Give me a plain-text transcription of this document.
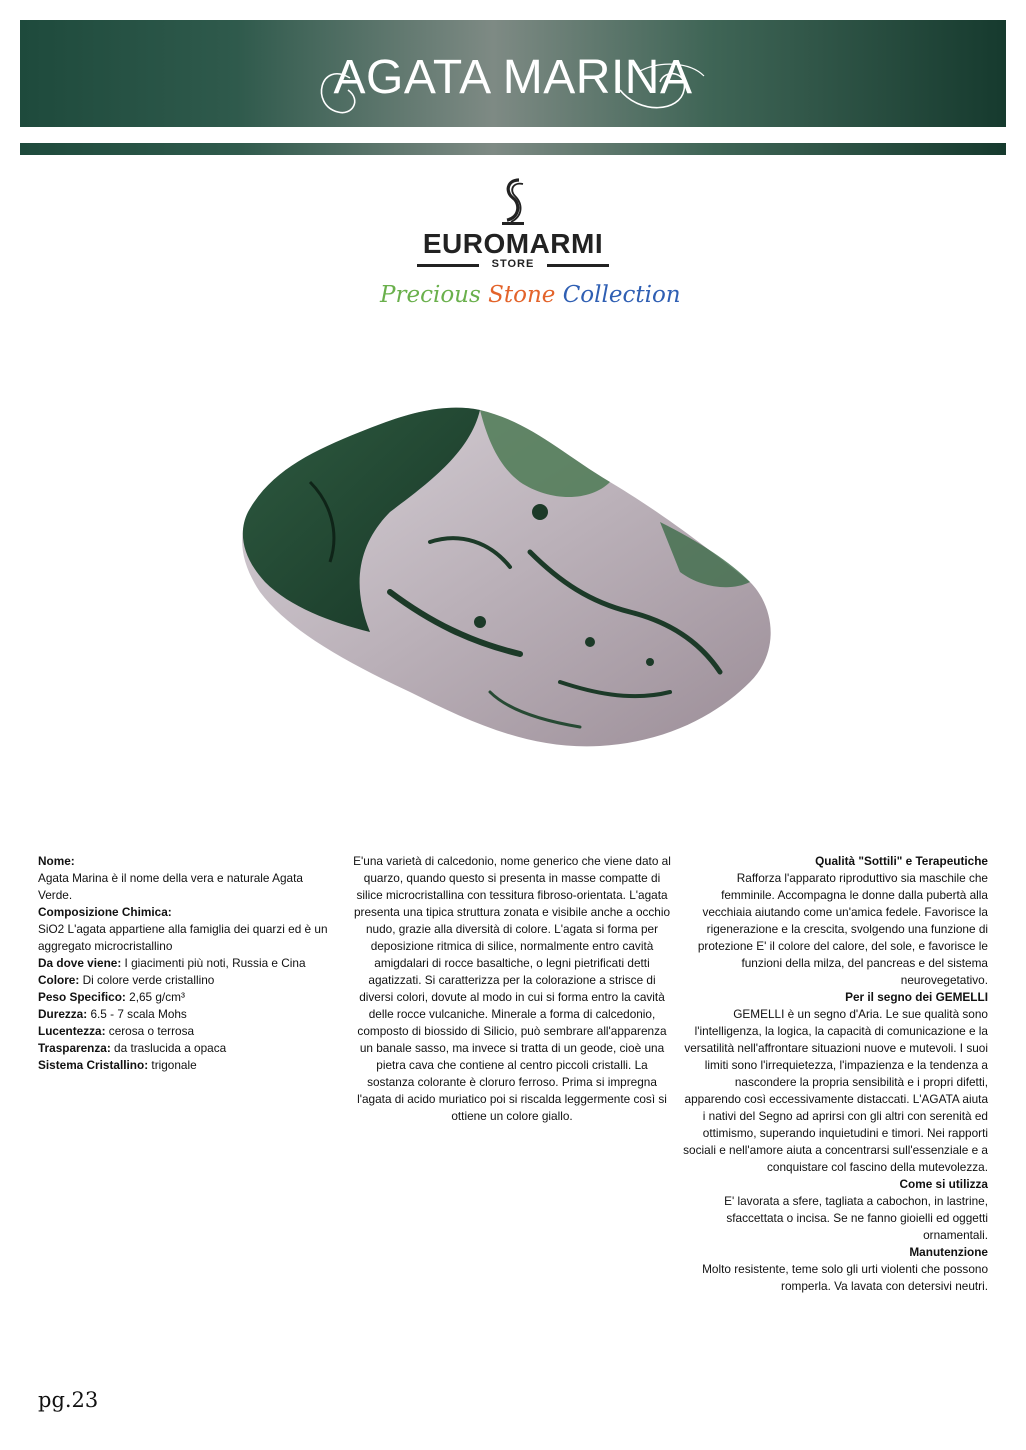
AGATA MARINA
EUROMARMI
STORE
Precious Stone Collection

Nome:

Agata Marina è il nome della vera e naturale Agata Verde.

Composizione Chimica:

SiO2 L'agata appartiene alla famiglia dei quarzi ed è un aggregato microcristallino

Da dove viene: I giacimenti più noti, Russia e Cina

Colore: Di colore verde cristallino

Peso Specifico: 2,65 g/cm³

Durezza: 6.5 - 7 scala Mohs

Lucentezza: cerosa o terrosa

Trasparenza: da traslucida a opaca

Sistema Cristallino: trigonale

E'una varietà di calcedonio, nome generico che viene dato al quarzo, quando questo si presenta in masse compatte di silice microcristallina con tessitura fibroso-orientata. L'agata presenta una tipica struttura zonata e visibile anche a occhio nudo, grazie alla diversità di colore. L'agata si forma per deposizione ritmica di silice, normalmente entro cavità amigdalari di rocce basaltiche, o legni pietrificati detti agatizzati. Si caratterizza per la colorazione a strisce di diversi colori, dovute al modo in cui si forma entro la cavità delle rocce vulcaniche. Minerale a forma di calcedonio, composto di biossido di Silicio, può sembrare all'apparenza un banale sasso, ma invece si tratta di un geode, cioè una pietra cava che contiene al centro piccoli cristalli. La sostanza colorante è cloruro ferroso. Prima si impregna l'agata di acido muriatico poi si riscalda leggermente così si ottiene un colore giallo.

Qualità "Sottili" e Terapeutiche

Rafforza l'apparato riproduttivo sia maschile che femminile. Accompagna le donne dalla pubertà alla vecchiaia aiutando come un'amica fedele. Favorisce la rigenerazione e la crescita, svolgendo una funzione di protezione E' il colore del calore, del sole, e favorisce le funzioni della milza, del pancreas e del sistema neurovegetativo.

Per il segno dei GEMELLI

GEMELLI è un segno d'Aria. Le sue qualità sono l'intelligenza, la logica, la capacità di comunicazione e la versatilità nell'affrontare situazioni nuove e mutevoli. I suoi limiti sono l'irrequietezza, l'impazienza e la tendenza a nascondere la propria sensibilità e i propri difetti, apparendo così eccessivamente distaccati. L'AGATA aiuta i nativi del Segno ad aprirsi con gli altri con serenità ed ottimismo, superando inquietudini e timori. Nei rapporti sociali e nell'amore aiuta a concentrarsi sull'essenziale e a conquistare col fascino della mutevolezza.

Come si utilizza

E' lavorata a sfere, tagliata a cabochon, in lastrine, sfaccettata o incisa. Se ne fanno gioielli ed oggetti ornamentali.

Manutenzione

Molto resistente, teme solo gli urti violenti che possono romperla. Va lavata con detersivi neutri.

pg.23
